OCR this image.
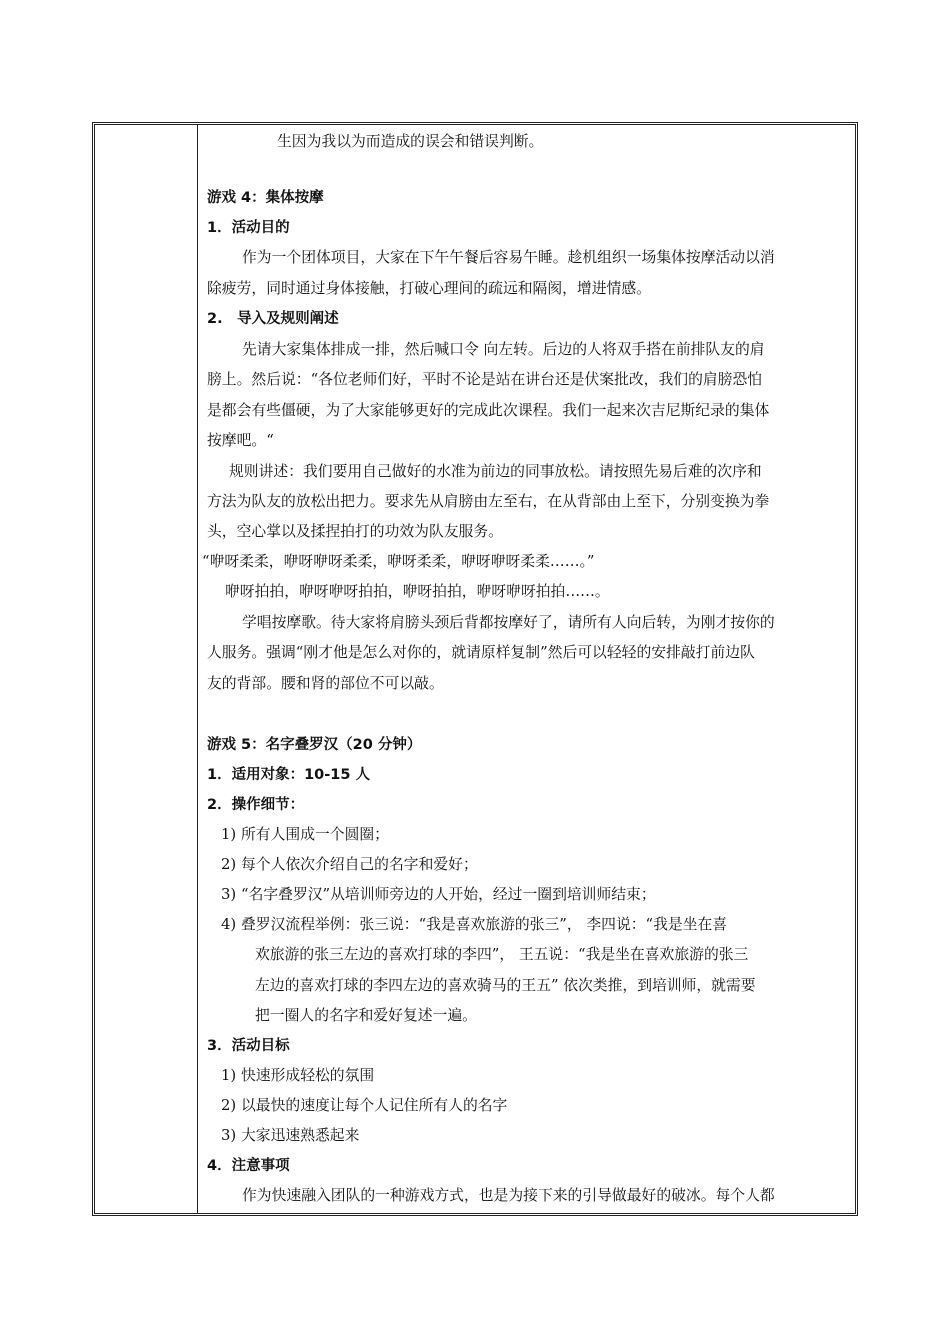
生因为我以为而造成的误会和错误判断。
游戏 4：集体按摩
1．活动目的
作为一个团体项目，大家在下午午餐后容易午睡。趁机组织一场集体按摩活动以消
除疲劳，同时通过身体接触，打破心理间的疏远和隔阂，增进情感。
2.　导入及规则阐述
先请大家集体排成一排，然后喊口令 向左转。后边的人将双手搭在前排队友的肩
膀上。然后说：“各位老师们好，平时不论是站在讲台还是伏案批改，我们的肩膀恐怕
是都会有些僵硬，为了大家能够更好的完成此次课程。我们一起来次吉尼斯纪录的集体
按摩吧。“
规则讲述：我们要用自己做好的水准为前边的同事放松。请按照先易后难的次序和
方法为队友的放松出把力。要求先从肩膀由左至右，在从背部由上至下，分别变换为拳
头，空心掌以及揉捏拍打的功效为队友服务。
“咿呀柔柔，咿呀咿呀柔柔，咿呀柔柔，咿呀咿呀柔柔……。”
咿呀拍拍，咿呀咿呀拍拍，咿呀拍拍，咿呀咿呀拍拍……。
学唱按摩歌。待大家将肩膀头颈后背都按摩好了，请所有人向后转，为刚才按你的
人服务。强调“刚才他是怎么对你的，就请原样复制”然后可以轻轻的安排敲打前边队
友的背部。腰和肾的部位不可以敲。
游戏 5：名字叠罗汉（20 分钟）
1．适用对象：10-15 人
2．操作细节：
1) 所有人围成一个圆圈；
2) 每个人依次介绍自己的名字和爱好；
3) “名字叠罗汉”从培训师旁边的人开始，经过一圈到培训师结束；
4) 叠罗汉流程举例：张三说：“我是喜欢旅游的张三”， 李四说：“我是坐在喜
欢旅游的张三左边的喜欢打球的李四”， 王五说：“我是坐在喜欢旅游的张三
左边的喜欢打球的李四左边的喜欢骑马的王五” 依次类推，到培训师，就需要
把一圈人的名字和爱好复述一遍。
3．活动目标
1) 快速形成轻松的氛围
2) 以最快的速度让每个人记住所有人的名字
3) 大家迅速熟悉起来
4．注意事项
作为快速融入团队的一种游戏方式，也是为接下来的引导做最好的破冰。每个人都
